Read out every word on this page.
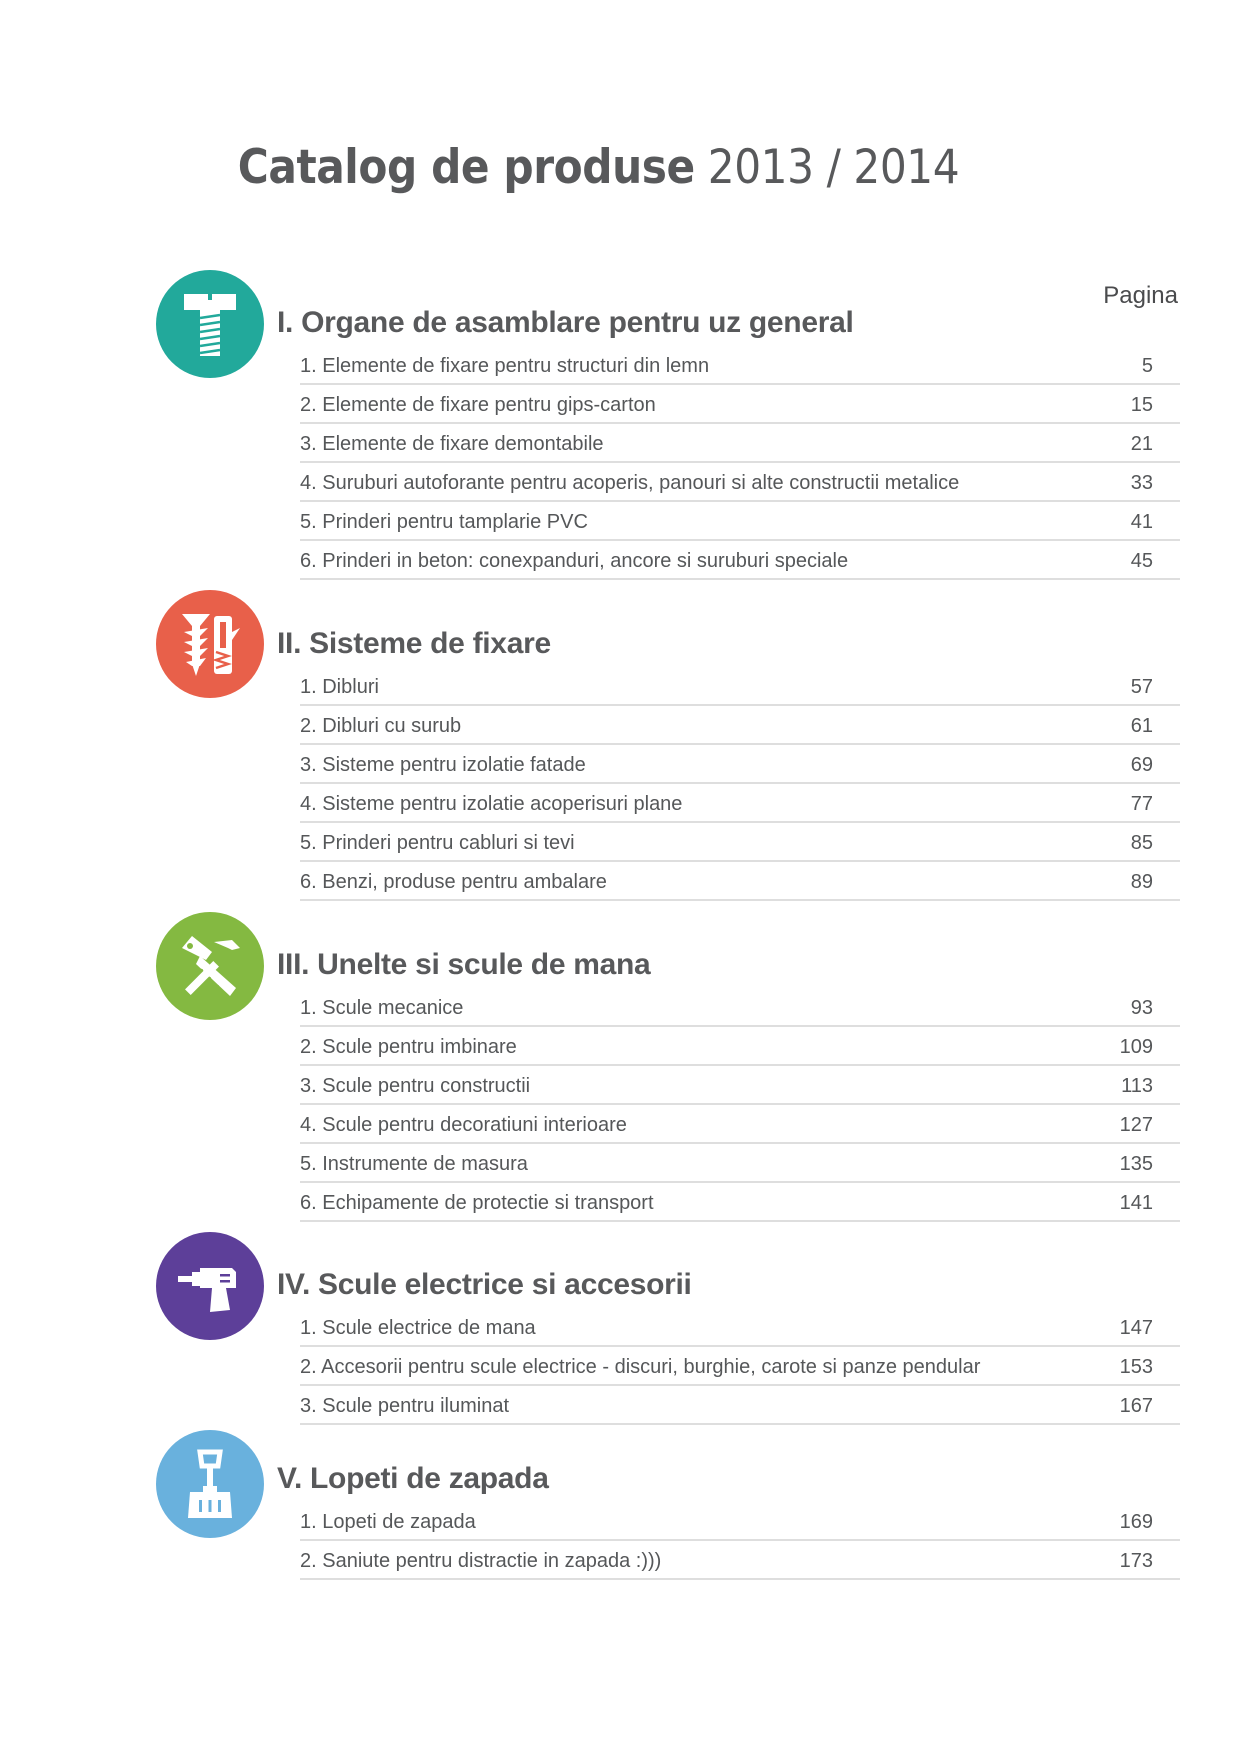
Catalog de produse 2013 / 2014
Pagina
I. Organe de asamblare pentru uz general
1. Elemente de fixare pentru structuri din lemn	5
2. Elemente de fixare pentru gips-carton	15
3. Elemente de fixare demontabile	21
4. Suruburi autoforante pentru acoperis, panouri si alte constructii metalice	33
5. Prinderi pentru tamplarie PVC	41
6. Prinderi in beton: conexpanduri, ancore si suruburi speciale	45
II. Sisteme de fixare
1. Dibluri	57
2. Dibluri cu surub	61
3. Sisteme pentru izolatie fatade	69
4. Sisteme pentru izolatie acoperisuri plane	77
5. Prinderi pentru cabluri si tevi	85
6. Benzi, produse pentru ambalare	89
III. Unelte si scule de mana
1. Scule mecanice	93
2. Scule pentru imbinare	109
3. Scule pentru constructii	113
4. Scule pentru decoratiuni interioare	127
5. Instrumente de masura	135
6. Echipamente de protectie si transport	141
IV. Scule electrice si accesorii
1. Scule electrice de mana	147
2. Accesorii pentru scule electrice - discuri, burghie, carote si panze pendular	153
3. Scule pentru iluminat	167
V. Lopeti de zapada
1. Lopeti de zapada	169
2. Saniute pentru distractie in zapada :)))	173
